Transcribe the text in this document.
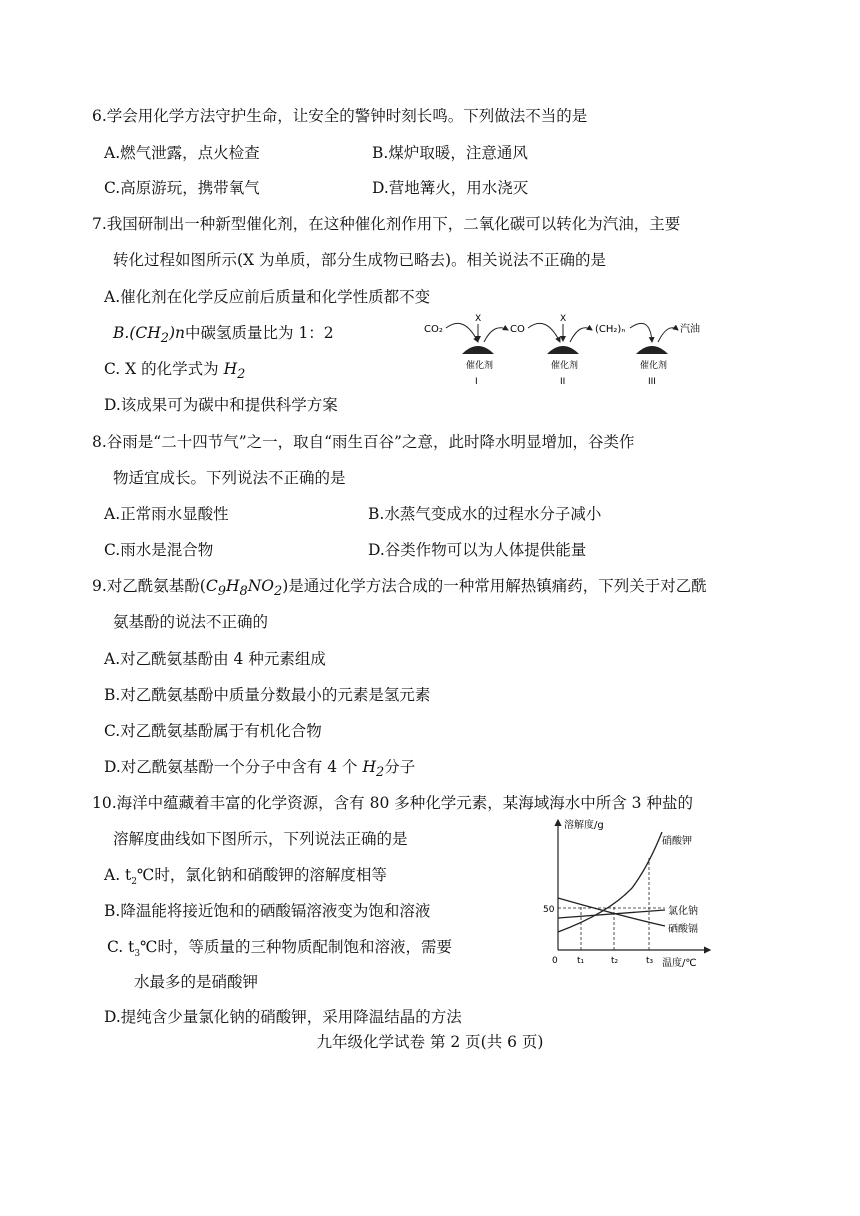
6.学会用化学方法守护生命，让安全的警钟时刻长鸣。下列做法不当的是
A.燃气泄露，点火检查	B.煤炉取暖，注意通风
C.高原游玩，携带氧气	D.营地篝火，用水浇灭
7.我国研制出一种新型催化剂，在这种催化剂作用下，二氧化碳可以转化为汽油，主要
转化过程如图所示(X 为单质，部分生成物已略去)。相关说法不正确的是
A.催化剂在化学反应前后质量和化学性质都不变
$B.(CH_2)n$中碳氢质量比为 1：2
C. X 的化学式为 $H_2$
D.该成果可为碳中和提供科学方案
CO₂
X
催化剂
I
CO
X
催化剂
II
(CH₂)ₙ
催化剂
III
汽油
8.谷雨是“二十四节气”之一，取自“雨生百谷”之意，此时降水明显增加，谷类作
物适宜成长。下列说法不正确的是
A.正常雨水显酸性	B.水蒸气变成水的过程水分子减小
C.雨水是混合物	D.谷类作物可以为人体提供能量
9.对乙酰氨基酚$(C_9H_8NO_2)$是通过化学方法合成的一种常用解热镇痛药，下列关于对乙酰
氨基酚的说法不正确的
A.对乙酰氨基酚由 4 种元素组成
B.对乙酰氨基酚中质量分数最小的元素是氢元素
C.对乙酰氨基酚属于有机化合物
D.对乙酰氨基酚一个分子中含有 4 个 $H_2$分子
10.海洋中蕴藏着丰富的化学资源，含有 80 多种化学元素，某海域海水中所含 3 种盐的
溶解度曲线如下图所示，下列说法正确的是
A. $t_2℃$时，氯化钠和硝酸钾的溶解度相等
B.降温能将接近饱和的硒酸镉溶液变为饱和溶液
C. $t_3℃$时，等质量的三种物质配制饱和溶液，需要
水最多的是硝酸钾
D.提纯含少量氯化钠的硝酸钾，采用降温结晶的方法
溶解度/g
温度/℃
50
0 t₁	t₂	t₃
硝酸钾
氯化钠
硒酸镉
九年级化学试卷 第 2 页(共 6 页)
